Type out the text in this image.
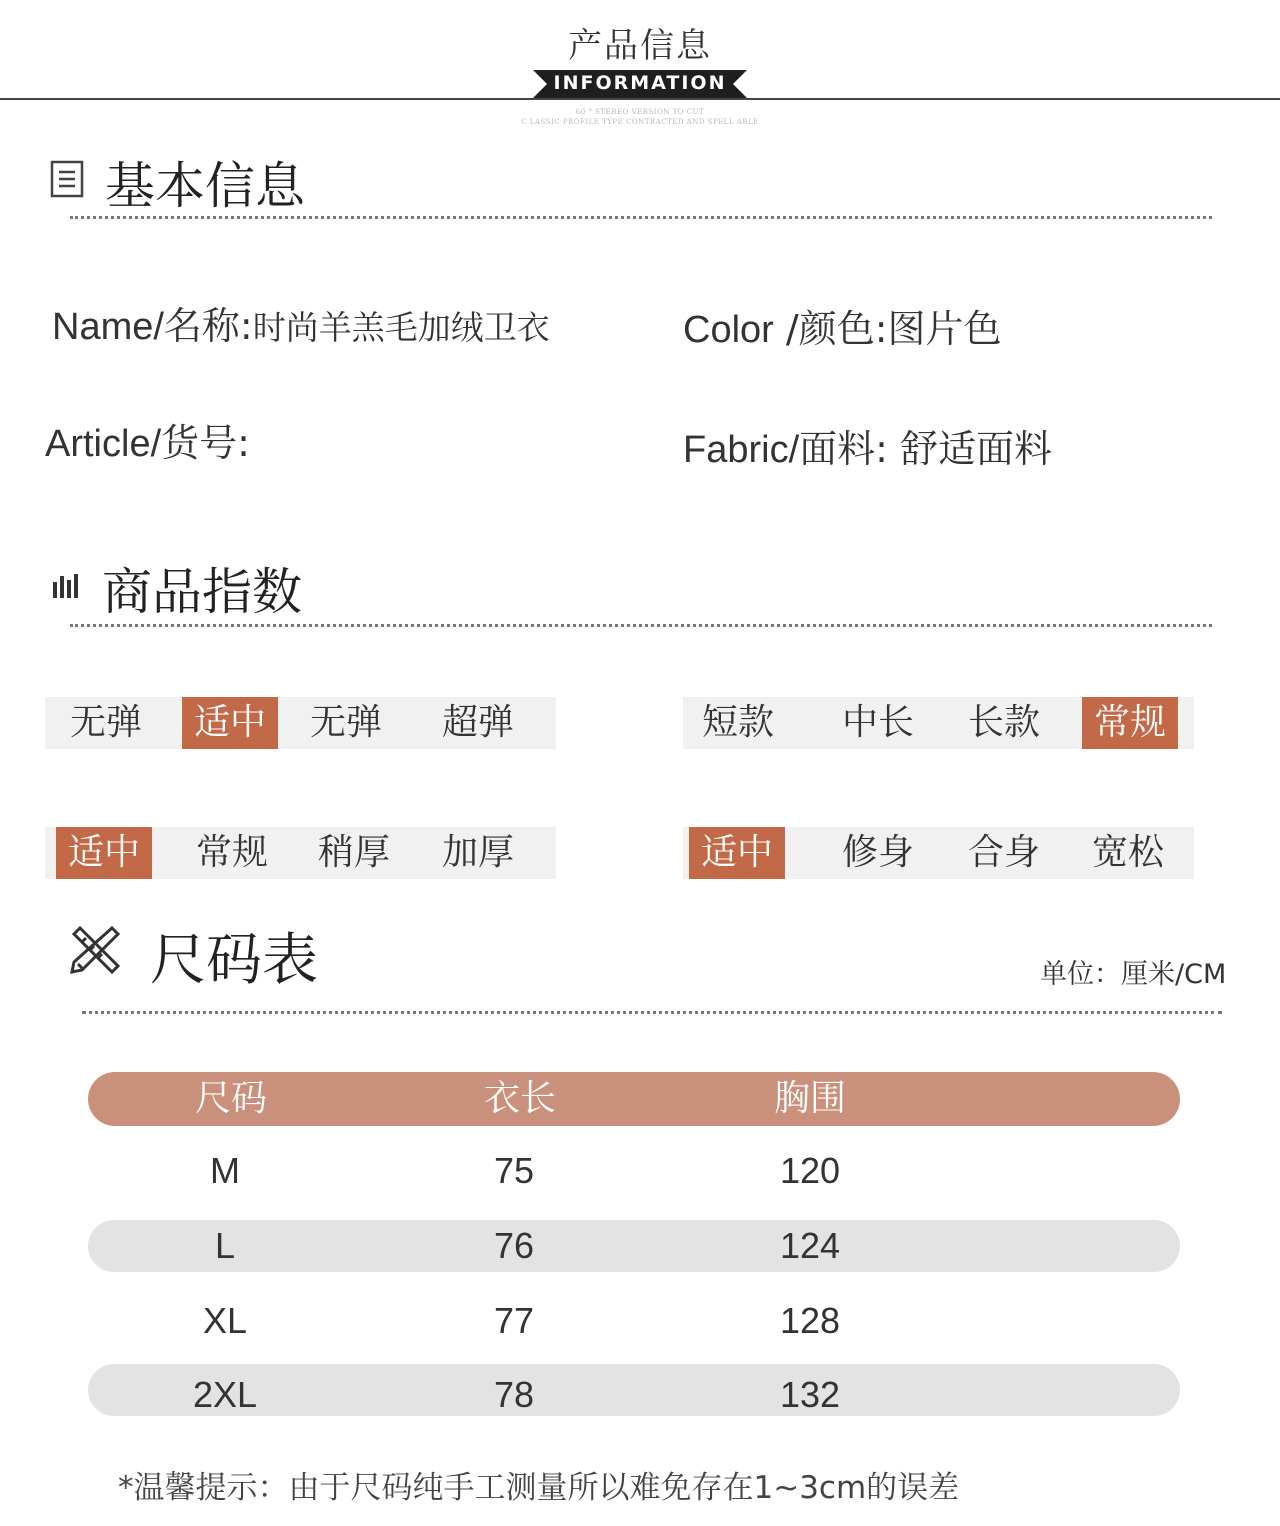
产品信息
INFORMATION
60 ° STEREO VERSION TO CUT
C LASSIC PROFILE TYPE CONTRACTED AND SPELL ABLE
基本信息
Name/名称:时尚羊羔毛加绒卫衣	Color /颜色:图片色
Article/货号:	Fabric/面料: 舒适面料
商品指数
无弹	适中	无弹	超弹	短款	中长	长款	常规
适中	常规	稍厚	加厚	适中	修身	合身	宽松
尺码表	单位：厘米/CM
尺码	衣长	胸围
M	75	120
L	76	124
XL	77	128
2XL	78	132
*温馨提示：由于尺码纯手工测量所以难免存在1~3cm的误差
